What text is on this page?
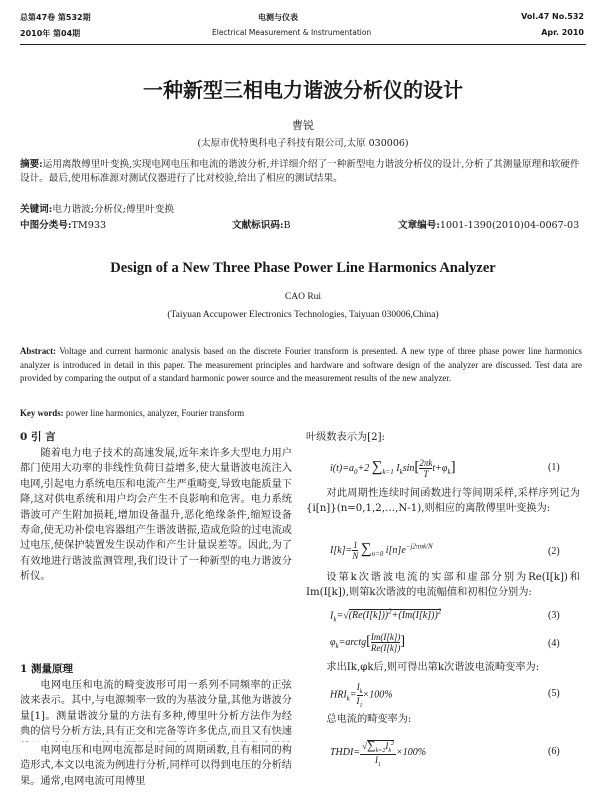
总第47卷 第532期	电测与仪表	Vol.47 No.532
2010年 第04期	Electrical Measurement & Instrumentation	Apr. 2010
一种新型三相电力谐波分析仪的设计
曹锐
(太原市优特奥科电子科技有限公司,太原 030006)
摘要:运用离散傅里叶变换,实现电网电压和电流的谐波分析,并详细介绍了一种新型电力谐波分析仪的设计,分析了其测量原理和软硬件设计。最后,使用标准源对测试仪器进行了比对校验,给出了相应的测试结果。
关键词:电力谐波;分析仪;傅里叶变换
中图分类号:TM933	文献标识码:B	文章编号:1001-1390(2010)04-0067-03
Design of a New Three Phase Power Line Harmonics Analyzer
CAO Rui
(Taiyuan Accupower Electronics Technologies, Taiyuan 030006,China)
Abstract: Voltage and current harmonic analysis based on the discrete Fourier transform is presented. A new type of three phase power line harmonics analyzer is introduced in detail in this paper. The measurement principles and hardware and software design of the analyzer are discussed. Test data are provided by comparing the output of a standard harmonic power source and the measurement results of the new analyzer.
Key words: power line harmonics, analyzer, Fourier transform
0 引 言
随着电力电子技术的高速发展,近年来许多大型电力用户都门使用大功率的非线性负荷日益增多,使大量谐波电流注入电网,引起电力系统电压和电流产生严重畸变,导致电能质量下降,这对供电系统和用户均会产生不良影响和危害。电力系统谐波可产生附加损耗,增加设备温升,恶化绝缘条件,缩短设备寿命,使无功补偿电容器组产生谐波谐振,造成危险的过电流或过电压,使保护装置发生误动作和产生计量误差等。因此,为了有效地进行谐波监测管理,我们设计了一种新型的电力谐波分析仪。
1 测量原理
电网电压和电流的畸变波形可用一系列不同频率的正弦波来表示。其中,与电源频率一致的为基波分量,其他为谐波分量[1]。测量谐波分量的方法有多种,傅里叶分析方法作为经典的信号分析方法,具有正交和完备等许多优点,而且又有快速
电网电压和电网电流都是时间的周期函数,且有相同的构造形式,本文以电流为例进行分析,同样可以得到电压的分析结果。通常,电网电流可用傅里
叶级数表示为[2]:
$i(t)=a_0+2$ $\sum_{k=1}$ $I_k\sin[ \frac{2\pi k}{T} t+\varphi_k]$	(1)
对此周期性连续时间函数进行等间期采样,采样序列记为{i[n]}(n=0,1,2,…,N-1),则相应的离散傅里叶变换为:
$I[k]= \frac{1}{N} \sum_{n=0}$ $i[n]e^{-j2\pi nk/N}$	(2)
设第k次谐波电流的实部和虚部分别为Re(I[k])和Im(I[k]),则第k次谐波的电流幅值和初相位分别为:
$I_k=√(Re(I[k]))^2+(Im(I[k]))^2$	(3)
$\varphi_k=arctg[ \frac{Im(I[k])}{Re(I[k])}$ ]	(4)
求出Ik,φk后,则可得出第k次谐波电流畸变率为:
$HRI_k= \frac{I_k}{I_1} \times 100\%$	(5)
总电流的畸变率为:
THDI= $\frac{√\sum_{k=2}I_k^2}{I_1} \times 100\%$	(6)
